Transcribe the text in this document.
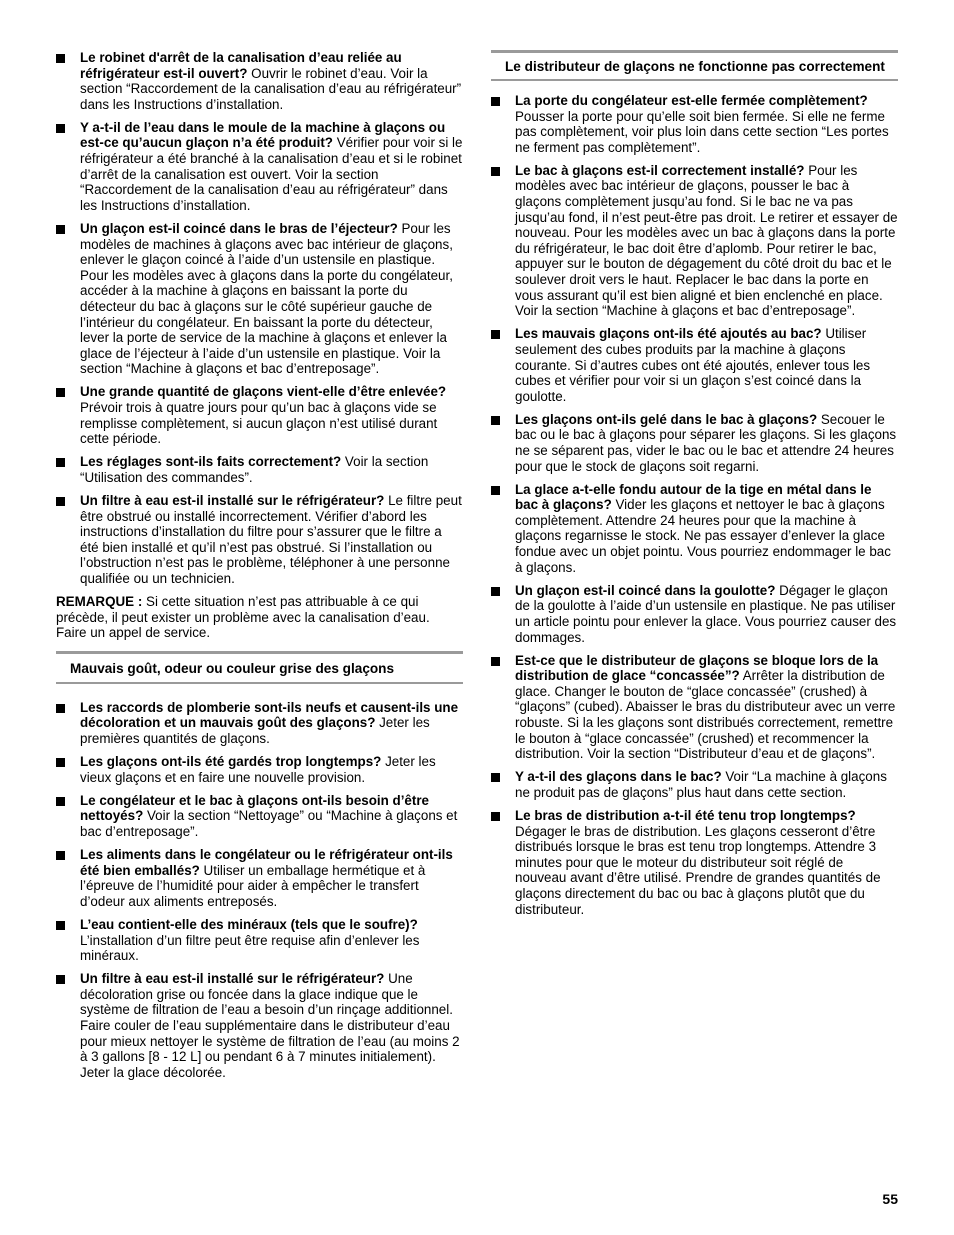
Le robinet d'arrêt de la canalisation d’eau reliée au réfrigérateur est-il ouvert? Ouvrir le robinet d’eau. Voir la section “Raccordement de la canalisation d’eau au réfrigérateur” dans les Instructions d’installation.
Y a-t-il de l’eau dans le moule de la machine à glaçons ou est-ce qu’aucun glaçon n’a été produit? Vérifier pour voir si le réfrigérateur a été branché à la canalisation d’eau et si le robinet d’arrêt de la canalisation est ouvert. Voir la section “Raccordement de la canalisation d’eau au réfrigérateur” dans les Instructions d’installation.
Un glaçon est-il coincé dans le bras de l’éjecteur? Pour les modèles de machines à glaçons avec bac intérieur de glaçons, enlever le glaçon coincé à l’aide d’un ustensile en plastique. Pour les modèles avec à glaçons dans la porte du congélateur, accéder à la machine à glaçons en baissant la porte du détecteur du bac à glaçons sur le côté supérieur gauche de l’intérieur du congélateur. En baissant la porte du détecteur, lever la porte de service de la machine à glaçons et enlever la glace de l’éjecteur à l’aide d’un ustensile en plastique. Voir la section “Machine à glaçons et bac d’entreposage”.
Une grande quantité de glaçons vient-elle d’être enlevée? Prévoir trois à quatre jours pour qu’un bac à glaçons vide se remplisse complètement, si aucun glaçon n’est utilisé durant cette période.
Les réglages sont-ils faits correctement? Voir la section “Utilisation des commandes”.
Un filtre à eau est-il installé sur le réfrigérateur? Le filtre peut être obstrué ou installé incorrectement. Vérifier d’abord les instructions d’installation du filtre pour s’assurer que le filtre a été bien installé et qu’il n’est pas obstrué. Si l’installation ou l’obstruction n’est pas le problème, téléphoner à une personne qualifiée ou un technicien.
REMARQUE : Si cette situation n’est pas attribuable à ce qui précède, il peut exister un problème avec la canalisation d’eau. Faire un appel de service.
Mauvais goût, odeur ou couleur grise des glaçons
Les raccords de plomberie sont-ils neufs et causent-ils une décoloration et un mauvais goût des glaçons? Jeter les premières quantités de glaçons.
Les glaçons ont-ils été gardés trop longtemps? Jeter les vieux glaçons et en faire une nouvelle provision.
Le congélateur et le bac à glaçons ont-ils besoin d’être nettoyés? Voir la section “Nettoyage” ou “Machine à glaçons et bac d’entreposage”.
Les aliments dans le congélateur ou le réfrigérateur ont-ils été bien emballés? Utiliser un emballage hermétique et à l’épreuve de l’humidité pour aider à empêcher le transfert d’odeur aux aliments entreposés.
L’eau contient-elle des minéraux (tels que le soufre)? L’installation d’un filtre peut être requise afin d’enlever les minéraux.
Un filtre à eau est-il installé sur le réfrigérateur? Une décoloration grise ou foncée dans la glace indique que le système de filtration de l’eau a besoin d’un rinçage additionnel. Faire couler de l’eau supplémentaire dans le distributeur d’eau pour mieux nettoyer le système de filtration de l’eau (au moins 2 à 3 gallons [8 - 12 L] ou pendant 6 à 7 minutes initialement). Jeter la glace décolorée.
Le distributeur de glaçons ne fonctionne pas correctement
La porte du congélateur est-elle fermée complètement? Pousser la porte pour qu’elle soit bien fermée. Si elle ne ferme pas complètement, voir plus loin dans cette section “Les portes ne ferment pas complètement”.
Le bac à glaçons est-il correctement installé? Pour les modèles avec bac intérieur de glaçons, pousser le bac à glaçons complètement jusqu’au fond. Si le bac ne va pas jusqu’au fond, il n’est peut-être pas droit. Le retirer et essayer de nouveau. Pour les modèles avec un bac à glaçons dans la porte du réfrigérateur, le bac doit être d’aplomb. Pour retirer le bac, appuyer sur le bouton de dégagement du côté droit du bac et le soulever droit vers le haut. Replacer le bac dans la porte en vous assurant qu’il est bien aligné et bien enclenché en place. Voir la section “Machine à glaçons et bac d’entreposage”.
Les mauvais glaçons ont-ils été ajoutés au bac? Utiliser seulement des cubes produits par la machine à glaçons courante. Si d’autres cubes ont été ajoutés, enlever tous les cubes et vérifier pour voir si un glaçon s’est coincé dans la goulotte.
Les glaçons ont-ils gelé dans le bac à glaçons? Secouer le bac ou le bac à glaçons pour séparer les glaçons. Si les glaçons ne se séparent pas, vider le bac ou le bac et attendre 24 heures pour que le stock de glaçons soit regarni.
La glace a-t-elle fondu autour de la tige en métal dans le bac à glaçons? Vider les glaçons et nettoyer le bac à glaçons complètement. Attendre 24 heures pour que la machine à glaçons regarnisse le stock. Ne pas essayer d’enlever la glace fondue avec un objet pointu. Vous pourriez endommager le bac à glaçons.
Un glaçon est-il coincé dans la goulotte? Dégager le glaçon de la goulotte à l’aide d’un ustensile en plastique. Ne pas utiliser un article pointu pour enlever la glace. Vous pourriez causer des dommages.
Est-ce que le distributeur de glaçons se bloque lors de la distribution de glace “concassée”? Arrêter la distribution de glace. Changer le bouton de “glace concassée” (crushed) à “glaçons” (cubed). Abaisser le bras du distributeur avec un verre robuste. Si la les glaçons sont distribués correctement, remettre le bouton à “glace concassée” (crushed) et recommencer la distribution. Voir la section “Distributeur d’eau et de glaçons”.
Y a-t-il des glaçons dans le bac? Voir “La machine à glaçons ne produit pas de glaçons” plus haut dans cette section.
Le bras de distribution a-t-il été tenu trop longtemps? Dégager le bras de distribution. Les glaçons cesseront d’être distribués lorsque le bras est tenu trop longtemps. Attendre 3 minutes pour que le moteur du distributeur soit réglé de nouveau avant d’être utilisé. Prendre de grandes quantités de glaçons directement du bac ou bac à glaçons plutôt que du distributeur.
55
